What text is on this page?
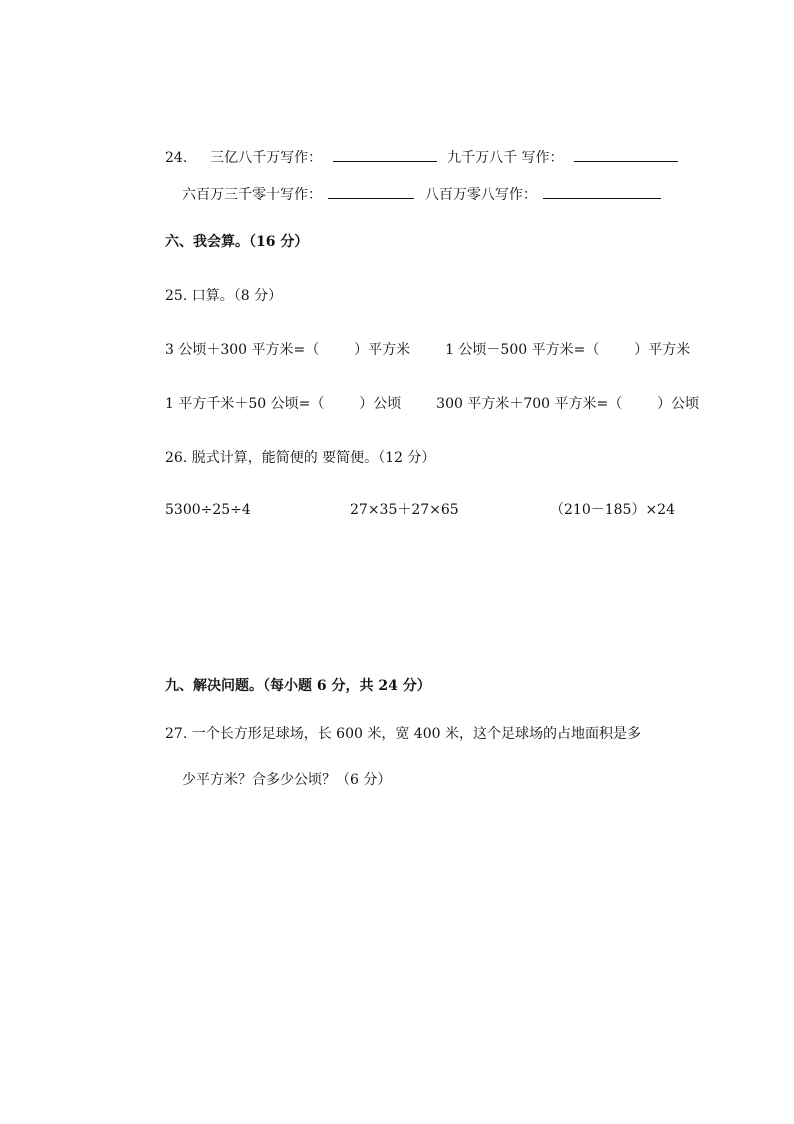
24. 三亿八千万写作：	九千万八千 写作：
六百万三千零十写作：	八百万零八写作：
六、我会算。（16 分）
25. 口算。（8 分）
3 公顷＋300 平方米=（ ）平方米 1 公顷－500 平方米=（ ）平方米
1 平方千米＋50 公顷=（ ）公顷 300 平方米＋700 平方米=（ ）公顷
26. 脱式计算，能简便的 要简便。（12 分）
5300÷25÷4	27×35＋27×65	（210－185）×24
九、解决问题。（每小题 6 分，共 24 分）
27. 一个长方形足球场，长 600 米，宽 400 米，这个足球场的占地面积是多
少平方米？合多少公顷？（6 分）
